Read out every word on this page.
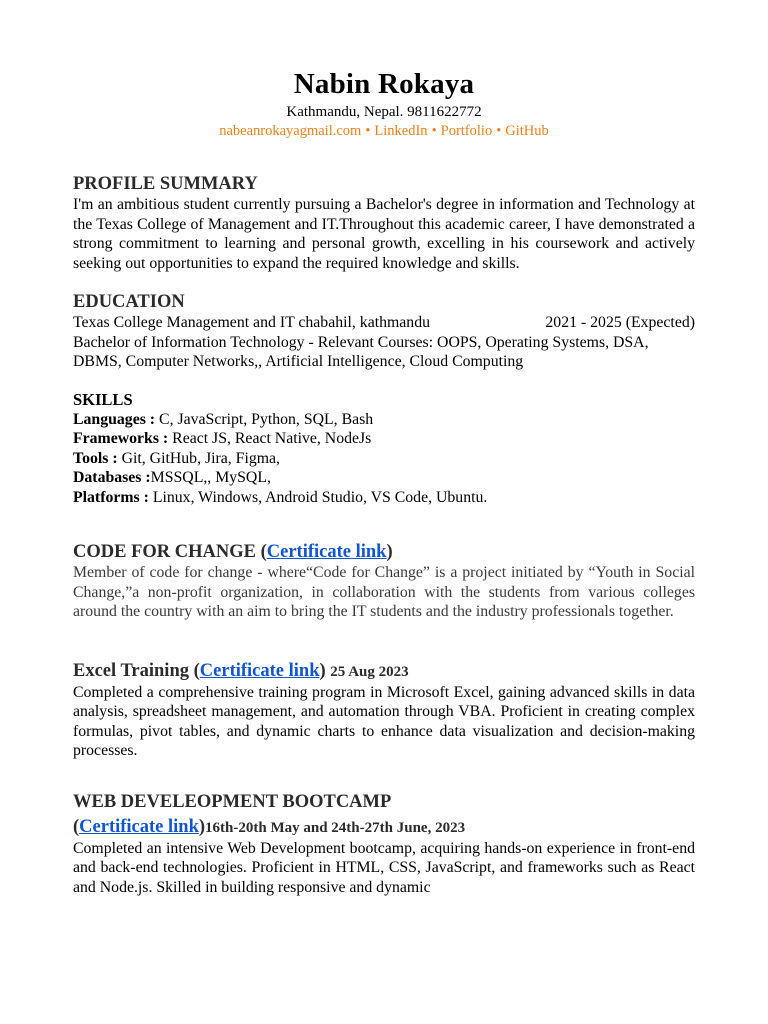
Nabin Rokaya
Kathmandu, Nepal. 9811622772
nabeanrokayagmail.com • LinkedIn • Portfolio • GitHub
PROFILE SUMMARY
I'm an ambitious student currently pursuing a Bachelor's degree in information and Technology at the Texas College of Management and IT.Throughout this academic career, I have demonstrated a strong commitment to learning and personal growth, excelling in his coursework and actively seeking out opportunities to expand the required knowledge and skills.
EDUCATION
Texas College Management and IT chabahil, kathmandu	2021 - 2025 (Expected)
Bachelor of Information Technology - Relevant Courses: OOPS, Operating Systems, DSA, DBMS, Computer Networks,, Artificial Intelligence, Cloud Computing
SKILLS
Languages : C, JavaScript, Python, SQL, Bash
Frameworks : React JS, React Native, NodeJs
Tools : Git, GitHub, Jira, Figma,
Databases :MSSQL,, MySQL,
Platforms : Linux, Windows, Android Studio, VS Code, Ubuntu.
CODE FOR CHANGE (Certificate link)
Member of code for change - where“Code for Change” is a project initiated by “Youth in Social Change,”a non-profit organization, in collaboration with the students from various colleges around the country with an aim to bring the IT students and the industry professionals together.
Excel Training (Certificate link) 25 Aug 2023
Completed a comprehensive training program in Microsoft Excel, gaining advanced skills in data analysis, spreadsheet management, and automation through VBA. Proficient in creating complex formulas, pivot tables, and dynamic charts to enhance data visualization and decision-making processes.
WEB DEVELEOPMENT BOOTCAMP
(Certificate link)16th-20th May and 24th-27th June, 2023
Completed an intensive Web Development bootcamp, acquiring hands-on experience in front-end and back-end technologies. Proficient in HTML, CSS, JavaScript, and frameworks such as React and Node.js. Skilled in building responsive and dynamic
